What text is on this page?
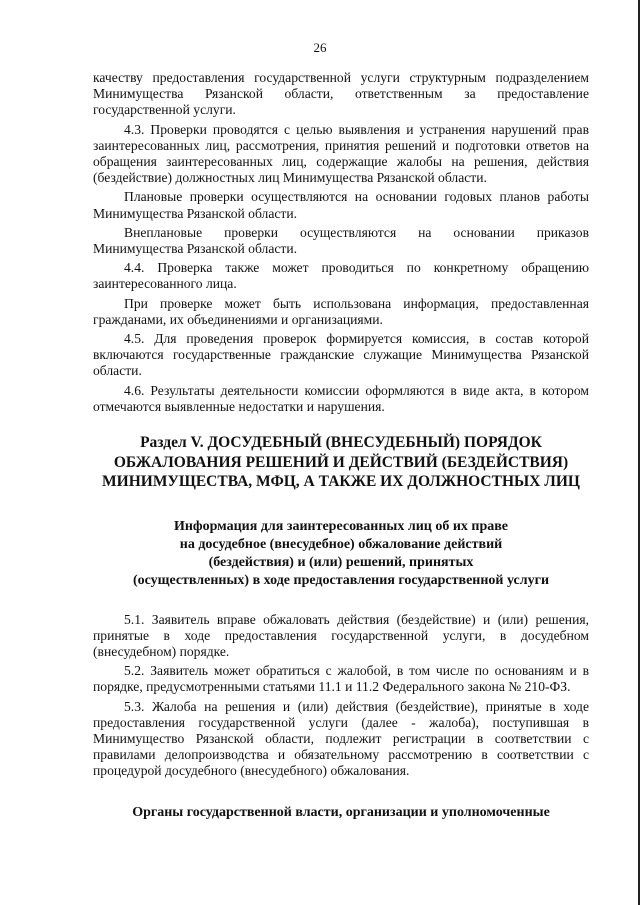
26

качеству предоставления государственной услуги структурным подразделением Минимущества Рязанской области, ответственным за предоставление государственной услуги.

4.3. Проверки проводятся с целью выявления и устранения нарушений прав заинтересованных лиц, рассмотрения, принятия решений и подготовки ответов на обращения заинтересованных лиц, содержащие жалобы на решения, действия (бездействие) должностных лиц Минимущества Рязанской области.

Плановые проверки осуществляются на основании годовых планов работы Минимущества Рязанской области.

Внеплановые проверки осуществляются на основании приказов Минимущества Рязанской области.

4.4. Проверка также может проводиться по конкретному обращению заинтересованного лица.

При проверке может быть использована информация, предоставленная гражданами, их объединениями и организациями.

4.5. Для проведения проверок формируется комиссия, в состав которой включаются государственные гражданские служащие Минимущества Рязанской области.

4.6. Результаты деятельности комиссии оформляются в виде акта, в котором отмечаются выявленные недостатки и нарушения.

Раздел V. ДОСУДЕБНЫЙ (ВНЕСУДЕБНЫЙ) ПОРЯДОК
ОБЖАЛОВАНИЯ РЕШЕНИЙ И ДЕЙСТВИЙ (БЕЗДЕЙСТВИЯ)
МИНИМУЩЕСТВА, МФЦ, А ТАКЖЕ ИХ ДОЛЖНОСТНЫХ ЛИЦ
Информация для заинтересованных лиц об их праве
на досудебное (внесудебное) обжалование действий
(бездействия) и (или) решений, принятых
(осуществленных) в ходе предоставления государственной услуги

5.1. Заявитель вправе обжаловать действия (бездействие) и (или) решения, принятые в ходе предоставления государственной услуги, в досудебном (внесудебном) порядке.

5.2. Заявитель может обратиться с жалобой, в том числе по основаниям и в порядке, предусмотренными статьями 11.1 и 11.2 Федерального закона № 210-ФЗ.

5.3. Жалоба на решения и (или) действия (бездействие), принятые в ходе предоставления государственной услуги (далее - жалоба), поступившая в Минимущество Рязанской области, подлежит регистрации в соответствии с правилами делопроизводства и обязательному рассмотрению в соответствии с процедурой досудебного (внесудебного) обжалования.

Органы государственной власти, организации и уполномоченные
